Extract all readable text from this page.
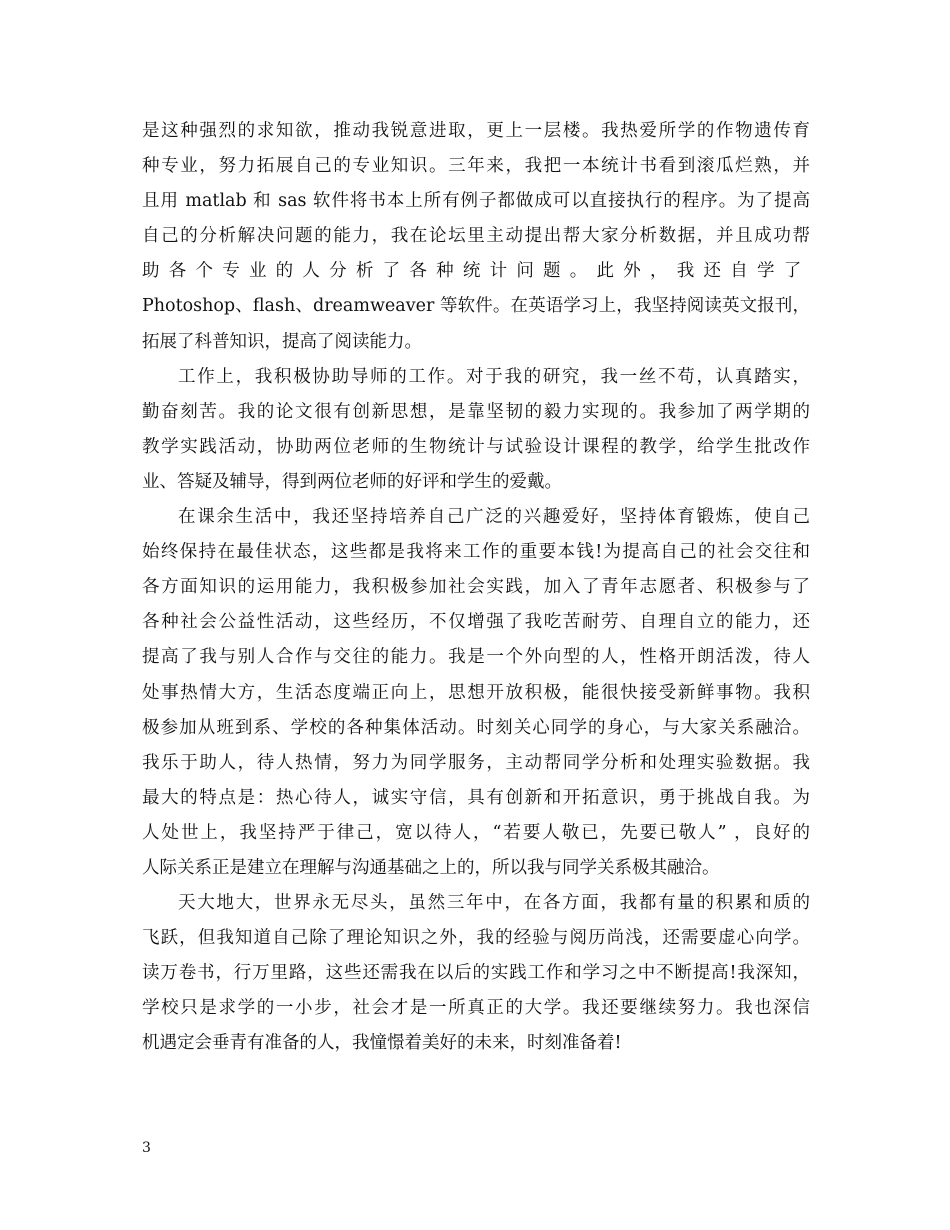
是这种强烈的求知欲，推动我锐意进取，更上一层楼。我热爱所学的作物遗传育
种专业，努力拓展自己的专业知识。三年来，我把一本统计书看到滚瓜烂熟，并
且用 matlab 和 sas 软件将书本上所有例子都做成可以直接执行的程序。为了提高
自己的分析解决问题的能力，我在论坛里主动提出帮大家分析数据，并且成功帮
助各个专业的人分析了各种统计问题。此外，我还自学了
Photoshop、flash、dreamweaver 等软件。在英语学习上，我坚持阅读英文报刊，
拓展了科普知识，提高了阅读能力。
工作上，我积极协助导师的工作。对于我的研究，我一丝不苟，认真踏实，
勤奋刻苦。我的论文很有创新思想，是靠坚韧的毅力实现的。我参加了两学期的
教学实践活动，协助两位老师的生物统计与试验设计课程的教学，给学生批改作
业、答疑及辅导，得到两位老师的好评和学生的爱戴。
在课余生活中，我还坚持培养自己广泛的兴趣爱好，坚持体育锻炼，使自己
始终保持在最佳状态，这些都是我将来工作的重要本钱!为提高自己的社会交往和
各方面知识的运用能力，我积极参加社会实践，加入了青年志愿者、积极参与了
各种社会公益性活动，这些经历，不仅增强了我吃苦耐劳、自理自立的能力，还
提高了我与别人合作与交往的能力。我是一个外向型的人，性格开朗活泼，待人
处事热情大方，生活态度端正向上，思想开放积极，能很快接受新鲜事物。我积
极参加从班到系、学校的各种集体活动。时刻关心同学的身心，与大家关系融洽。
我乐于助人，待人热情，努力为同学服务，主动帮同学分析和处理实验数据。我
最大的特点是：热心待人，诚实守信，具有创新和开拓意识，勇于挑战自我。为
人处世上，我坚持严于律己，宽以待人，“若要人敬已，先要已敬人” ，良好的
人际关系正是建立在理解与沟通基础之上的，所以我与同学关系极其融洽。
天大地大，世界永无尽头，虽然三年中，在各方面，我都有量的积累和质的
飞跃，但我知道自己除了理论知识之外，我的经验与阅历尚浅，还需要虚心向学。
读万卷书，行万里路，这些还需我在以后的实践工作和学习之中不断提高!我深知，
学校只是求学的一小步，社会才是一所真正的大学。我还要继续努力。我也深信
机遇定会垂青有准备的人，我憧憬着美好的未来，时刻准备着!
3
